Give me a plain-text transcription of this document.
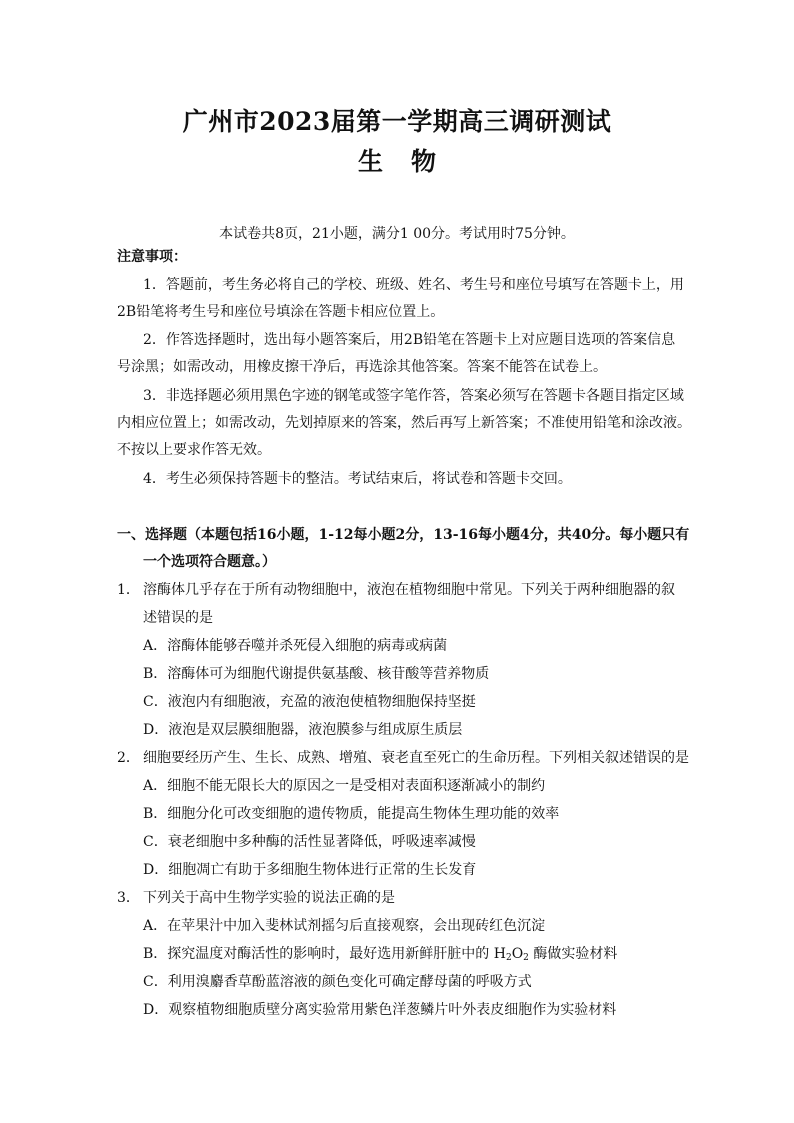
广州市2023届第一学期高三调研测试
生物
本试卷共8页，21小题，满分1 00分。考试用时75分钟。
注意事项：
1．答题前，考生务必将自己的学校、班级、姓名、考生号和座位号填写在答题卡上，用
2B铅笔将考生号和座位号填涂在答题卡相应位置上。
2．作答选择题时，选出每小题答案后，用2B铅笔在答题卡上对应题目选项的答案信息
号涂黑；如需改动，用橡皮擦干净后，再选涂其他答案。答案不能答在试卷上。
3．非选择题必须用黑色字迹的钢笔或签字笔作答，答案必须写在答题卡各题目指定区域
内相应位置上；如需改动，先划掉原来的答案，然后再写上新答案；不准使用铅笔和涂改液。
不按以上要求作答无效。
4．考生必须保持答题卡的整洁。考试结束后，将试卷和答题卡交回。
一、选择题（本题包括16小题，1-12每小题2分，13-16每小题4分，共40分。每小题只有
一个选项符合题意。）
1． 溶酶体几乎存在于所有动物细胞中，液泡在植物细胞中常见。下列关于两种细胞器的叙
述错误的是
A．溶酶体能够吞噬并杀死侵入细胞的病毒或病菌
B．溶酶体可为细胞代谢提供氨基酸、核苷酸等营养物质
C．液泡内有细胞液，充盈的液泡使植物细胞保持坚挺
D．液泡是双层膜细胞器，液泡膜参与组成原生质层
2． 细胞要经历产生、生长、成熟、增殖、衰老直至死亡的生命历程。下列相关叙述错误的是
A．细胞不能无限长大的原因之一是受相对表面积逐渐减小的制约
B．细胞分化可改变细胞的遗传物质，能提高生物体生理功能的效率
C．衰老细胞中多种酶的活性显著降低，呼吸速率减慢
D．细胞凋亡有助于多细胞生物体进行正常的生长发育
3． 下列关于高中生物学实验的说法正确的是
A．在苹果汁中加入斐林试剂摇匀后直接观察，会出现砖红色沉淀
B．探究温度对酶活性的影响时，最好选用新鲜肝脏中的 $H_2O_2$ 酶做实验材料
C．利用溴麝香草酚蓝溶液的颜色变化可确定酵母菌的呼吸方式
D．观察植物细胞质壁分离实验常用紫色洋葱鳞片叶外表皮细胞作为实验材料
